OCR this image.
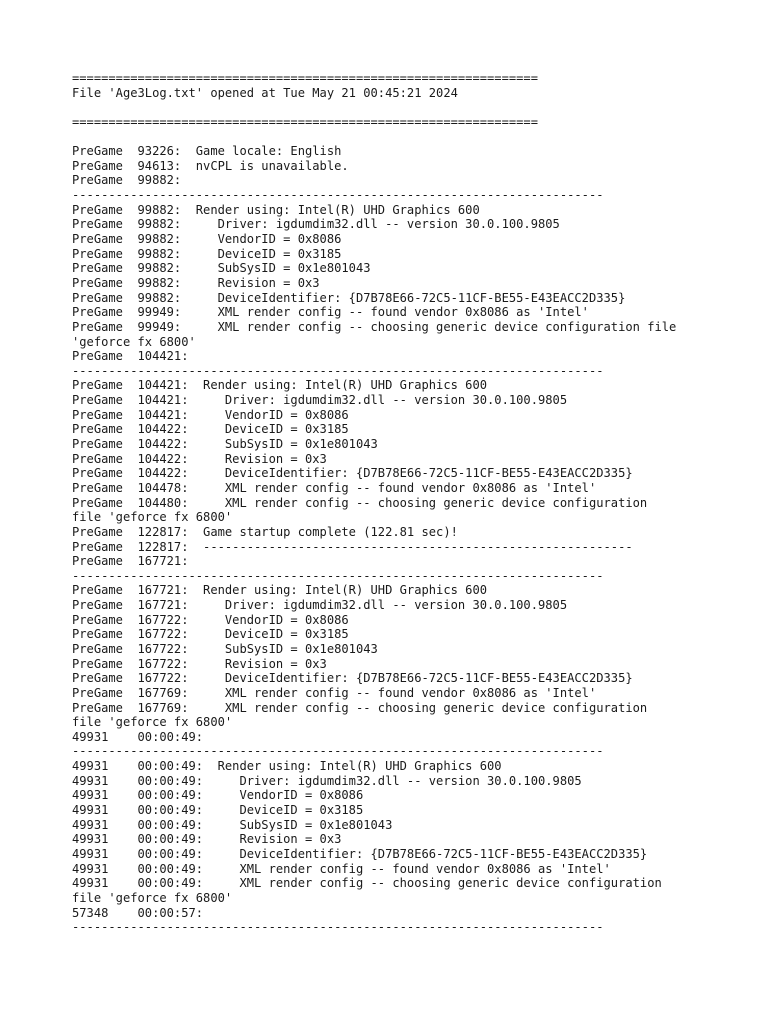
================================================================
File 'Age3Log.txt' opened at Tue May 21 00:45:21 2024
================================================================
PreGame  93226:  Game locale: English
PreGame  94613:  nvCPL is unavailable.
PreGame  99882:
-------------------------------------------------------------------------
PreGame  99882:  Render using: Intel(R) UHD Graphics 600
PreGame  99882:     Driver: igdumdim32.dll -- version 30.0.100.9805
PreGame  99882:     VendorID = 0x8086
PreGame  99882:     DeviceID = 0x3185
PreGame  99882:     SubSysID = 0x1e801043
PreGame  99882:     Revision = 0x3
PreGame  99882:     DeviceIdentifier: {D7B78E66-72C5-11CF-BE55-E43EACC2D335}
PreGame  99949:     XML render config -- found vendor 0x8086 as 'Intel'
PreGame  99949:     XML render config -- choosing generic device configuration file
'geforce fx 6800'
PreGame  104421:
-------------------------------------------------------------------------
PreGame  104421:  Render using: Intel(R) UHD Graphics 600
PreGame  104421:     Driver: igdumdim32.dll -- version 30.0.100.9805
PreGame  104421:     VendorID = 0x8086
PreGame  104422:     DeviceID = 0x3185
PreGame  104422:     SubSysID = 0x1e801043
PreGame  104422:     Revision = 0x3
PreGame  104422:     DeviceIdentifier: {D7B78E66-72C5-11CF-BE55-E43EACC2D335}
PreGame  104478:     XML render config -- found vendor 0x8086 as 'Intel'
PreGame  104480:     XML render config -- choosing generic device configuration
file 'geforce fx 6800'
PreGame  122817:  Game startup complete (122.81 sec)!
PreGame  122817:  -----------------------------------------------------------
PreGame  167721:
-------------------------------------------------------------------------
PreGame  167721:  Render using: Intel(R) UHD Graphics 600
PreGame  167721:     Driver: igdumdim32.dll -- version 30.0.100.9805
PreGame  167722:     VendorID = 0x8086
PreGame  167722:     DeviceID = 0x3185
PreGame  167722:     SubSysID = 0x1e801043
PreGame  167722:     Revision = 0x3
PreGame  167722:     DeviceIdentifier: {D7B78E66-72C5-11CF-BE55-E43EACC2D335}
PreGame  167769:     XML render config -- found vendor 0x8086 as 'Intel'
PreGame  167769:     XML render config -- choosing generic device configuration
file 'geforce fx 6800'
49931    00:00:49:
-------------------------------------------------------------------------
49931    00:00:49:  Render using: Intel(R) UHD Graphics 600
49931    00:00:49:     Driver: igdumdim32.dll -- version 30.0.100.9805
49931    00:00:49:     VendorID = 0x8086
49931    00:00:49:     DeviceID = 0x3185
49931    00:00:49:     SubSysID = 0x1e801043
49931    00:00:49:     Revision = 0x3
49931    00:00:49:     DeviceIdentifier: {D7B78E66-72C5-11CF-BE55-E43EACC2D335}
49931    00:00:49:     XML render config -- found vendor 0x8086 as 'Intel'
49931    00:00:49:     XML render config -- choosing generic device configuration
file 'geforce fx 6800'
57348    00:00:57:
-------------------------------------------------------------------------
